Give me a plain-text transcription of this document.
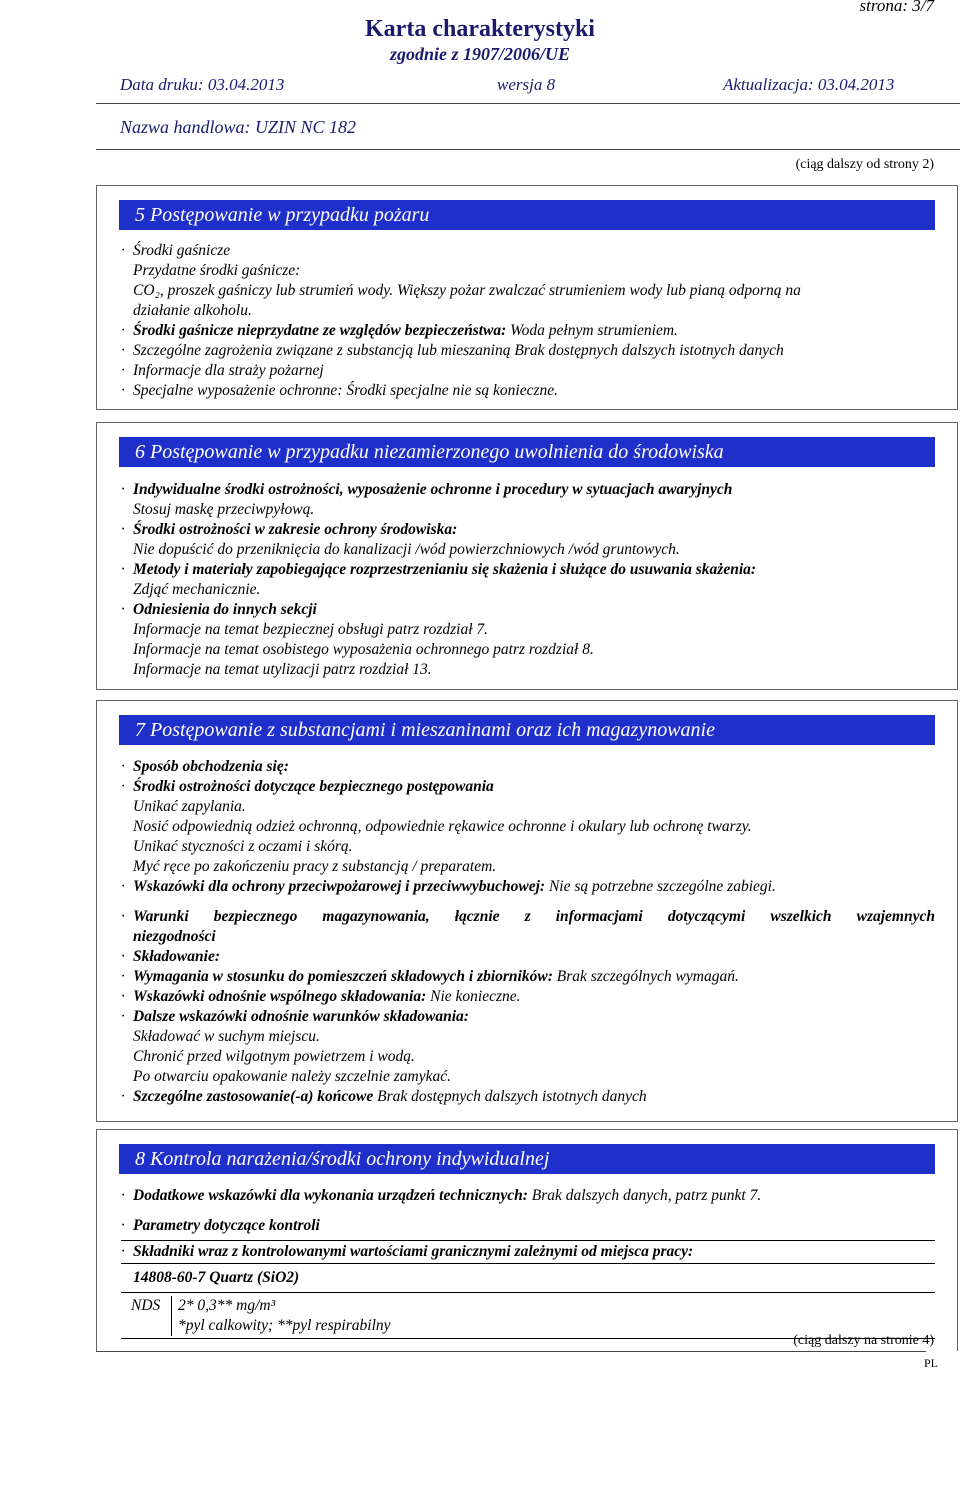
strona: 3/7
Karta charakterystyki
zgodnie z 1907/2006/UE
Data druku: 03.04.2013	wersja 8	Aktualizacja: 03.04.2013
Nazwa handlowa: UZIN NC 182
(ciąg dalszy od strony 2)
5 Postępowanie w przypadku pożaru
· Środki gaśnicze
Przydatne środki gaśnicze:
CO₂, proszek gaśniczy lub strumień wody. Większy pożar zwalczać strumieniem wody lub pianą odporną na
działanie alkoholu.
· Środki gaśnicze nieprzydatne ze względów bezpieczeństwa: Woda pełnym strumieniem.
· Szczególne zagrożenia związane z substancją lub mieszaniną Brak dostępnych dalszych istotnych danych
· Informacje dla straży pożarnej
· Specjalne wyposażenie ochronne: Środki specjalne nie są konieczne.
6 Postępowanie w przypadku niezamierzonego uwolnienia do środowiska
· Indywidualne środki ostrożności, wyposażenie ochronne i procedury w sytuacjach awaryjnych
Stosuj maskę przeciwpyłową.
· Środki ostrożności w zakresie ochrony środowiska:
Nie dopuścić do przeniknięcia do kanalizacji /wód powierzchniowych /wód gruntowych.
· Metody i materiały zapobiegające rozprzestrzenianiu się skażenia i służące do usuwania skażenia:
Zdjąć mechanicznie.
· Odniesienia do innych sekcji
Informacje na temat bezpiecznej obsługi patrz rozdział 7.
Informacje na temat osobistego wyposażenia ochronnego patrz rozdział 8.
Informacje na temat utylizacji patrz rozdział 13.
7 Postępowanie z substancjami i mieszaninami oraz ich magazynowanie
· Sposób obchodzenia się:
· Środki ostrożności dotyczące bezpiecznego postępowania
Unikać zapylania.
Nosić odpowiednią odzież ochronną, odpowiednie rękawice ochronne i okulary lub ochronę twarzy.
Unikać styczności z oczami i skórą.
Myć ręce po zakończeniu pracy z substancją / preparatem.
· Wskazówki dla ochrony przeciwpożarowej i przeciwwybuchowej: Nie są potrzebne szczególne zabiegi.
· Warunki bezpiecznego magazynowania, łącznie z informacjami dotyczącymi wszelkich wzajemnych
niezgodności
· Składowanie:
· Wymagania w stosunku do pomieszczeń składowych i zbiorników: Brak szczególnych wymagań.
· Wskazówki odnośnie wspólnego składowania: Nie konieczne.
· Dalsze wskazówki odnośnie warunków składowania:
Składować w suchym miejscu.
Chronić przed wilgotnym powietrzem i wodą.
Po otwarciu opakowanie należy szczelnie zamykać.
· Szczególne zastosowanie(-a) końcowe Brak dostępnych dalszych istotnych danych
8 Kontrola narażenia/środki ochrony indywidualnej
· Dodatkowe wskazówki dla wykonania urządzeń technicznych: Brak dalszych danych, patrz punkt 7.
· Parametry dotyczące kontroli
· Składniki wraz z kontrolowanymi wartościami granicznymi zależnymi od miejsca pracy:
14808-60-7 Quartz (SiO2)
NDS	2* 0,3** mg/m³
*pyl calkowity; **pyl respirabilny
(ciąg dalszy na stronie 4)
PL
